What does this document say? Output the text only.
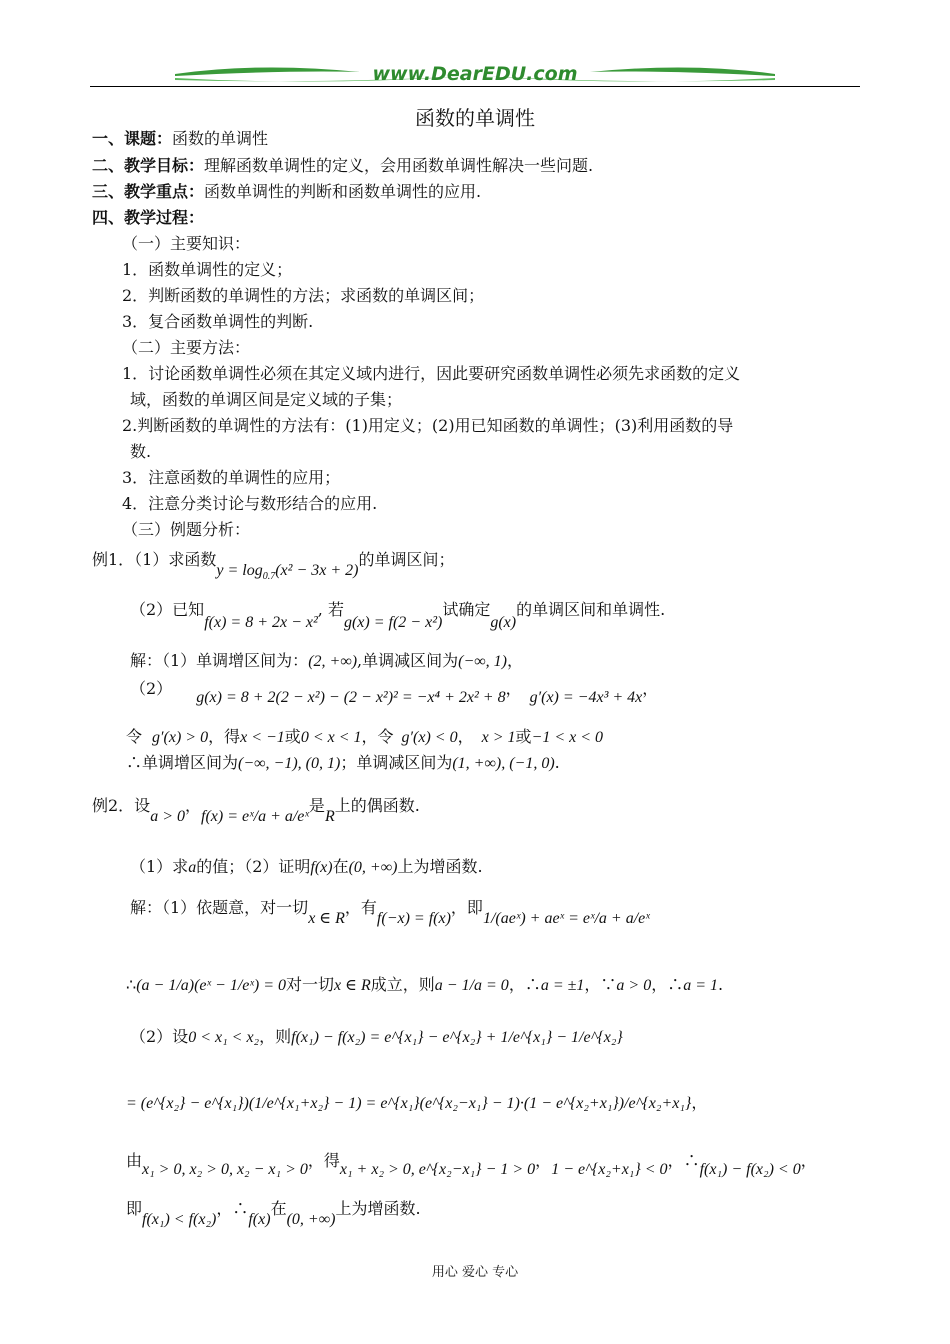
www.DearEDU.com
函数的单调性
一、课题：函数的单调性
二、教学目标：理解函数单调性的定义，会用函数单调性解决一些问题.
三、教学重点：函数单调性的判断和函数单调性的应用.
四、教学过程：
（一）主要知识：
1．函数单调性的定义；
2．判断函数的单调性的方法；求函数的单调区间；
3．复合函数单调性的判断.
（二）主要方法：
1．讨论函数单调性必须在其定义域内进行，因此要研究函数单调性必须先求函数的定义
域，函数的单调区间是定义域的子集；
2.判断函数的单调性的方法有：(1)用定义；(2)用已知函数的单调性；(3)利用函数的导
数.
3．注意函数的单调性的应用；
4．注意分类讨论与数形结合的应用.
（三）例题分析：
例1．（1）求函数$y = \log_{0.7}(x^2 - 3x + 2)$的单调区间；
（2）已知f(x) = 8 + 2x − x², 若g(x) = f(2 − x²)试确定g(x)的单调区间和单调性.
解：（1）单调增区间为：(2, +∞),单调减区间为(−∞, 1)，
（2） g(x) = 8 + 2(2 − x²) − (2 − x²)² = −x⁴ + 2x² + 8， g′(x) = −4x³ + 4x，
令 g′(x) > 0，得x < −1或0 < x < 1，令 g′(x) < 0， x > 1或−1 < x < 0
∴单调增区间为(−∞, −1), (0, 1)；单调减区间为(1, +∞), (−1, 0).
例2．设a > 0，f(x) = eˣ/a + a/eˣ是R上的偶函数.
（1）求a的值；（2）证明f(x)在(0, +∞)上为增函数.
解：（1）依题意，对一切x ∈ R，有f(−x) = f(x)，即1/(aeˣ) + aeˣ = eˣ/a + a/eˣ
∴(a − 1/a)(eˣ − 1/eˣ) = 0对一切x ∈ R成立，则a − 1/a = 0，∴a = ±1，∵a > 0，∴a = 1.
（2）设0 < x₁ < x₂，则f(x₁) − f(x₂) = e^{x₁} − e^{x₂} + 1/e^{x₁} − 1/e^{x₂}
= (e^{x₂} − e^{x₁})(1/e^{x₁+x₂} − 1) = e^{x₁}(e^{x₂−x₁} − 1)·(1 − e^{x₂+x₁})/e^{x₂+x₁}，
由x₁ > 0, x₂ > 0, x₂ − x₁ > 0，得x₁ + x₂ > 0, e^{x₂−x₁} − 1 > 0，1 − e^{x₂+x₁} < 0，∴f(x₁) − f(x₂) < 0，
即f(x₁) < f(x₂)，∴f(x)在(0, +∞)上为增函数.
用心 爱心 专心
